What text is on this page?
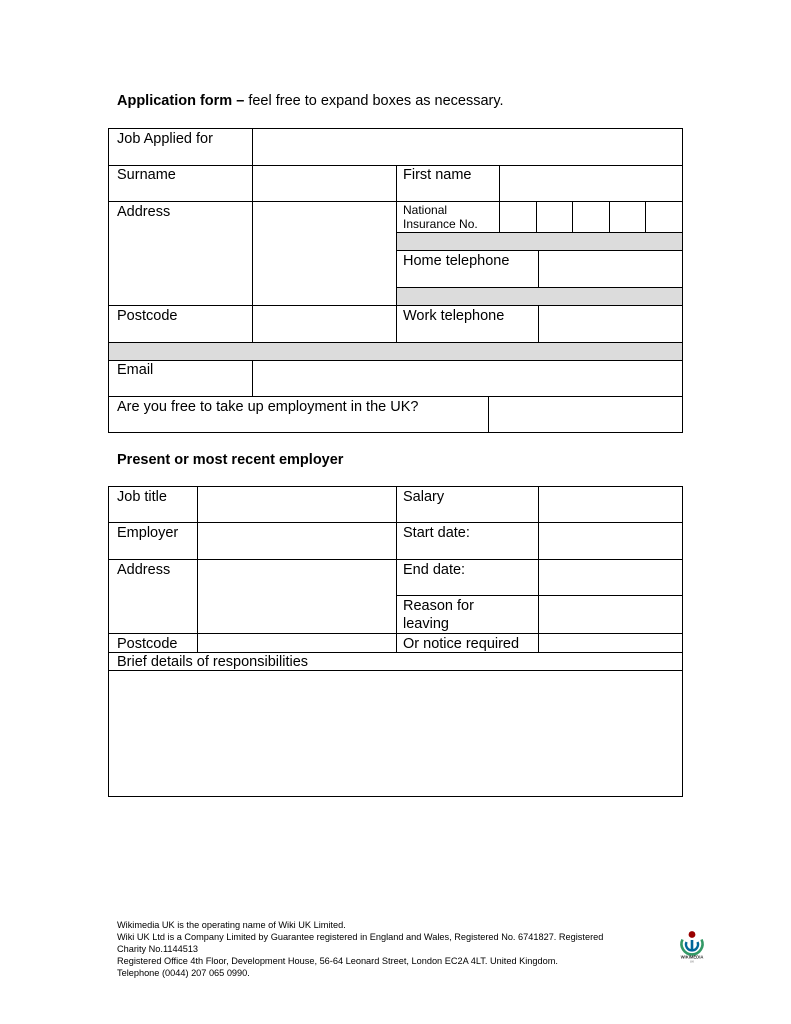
Application form – feel free to expand boxes as necessary.
Job Applied for
Surname	First name
Address	National
Insurance No.
Home telephone
Postcode	Work telephone
Email
Are you free to take up employment in the UK?
Present or most recent employer
Job title	Salary
Employer	Start date:
Address	End date:
Reason for
leaving
Postcode	Or notice required
Brief details of responsibilities
Wikimedia UK is the operating name of Wiki UK Limited.
Wiki UK Ltd is a Company Limited by Guarantee registered in England and Wales, Registered No. 6741827. Registered
Charity No.1144513
Registered Office 4th Floor, Development House, 56-64 Leonard Street, London EC2A 4LT. United Kingdom.
Telephone (0044) 207 065 0990.
WIKIMEDIA
UK
